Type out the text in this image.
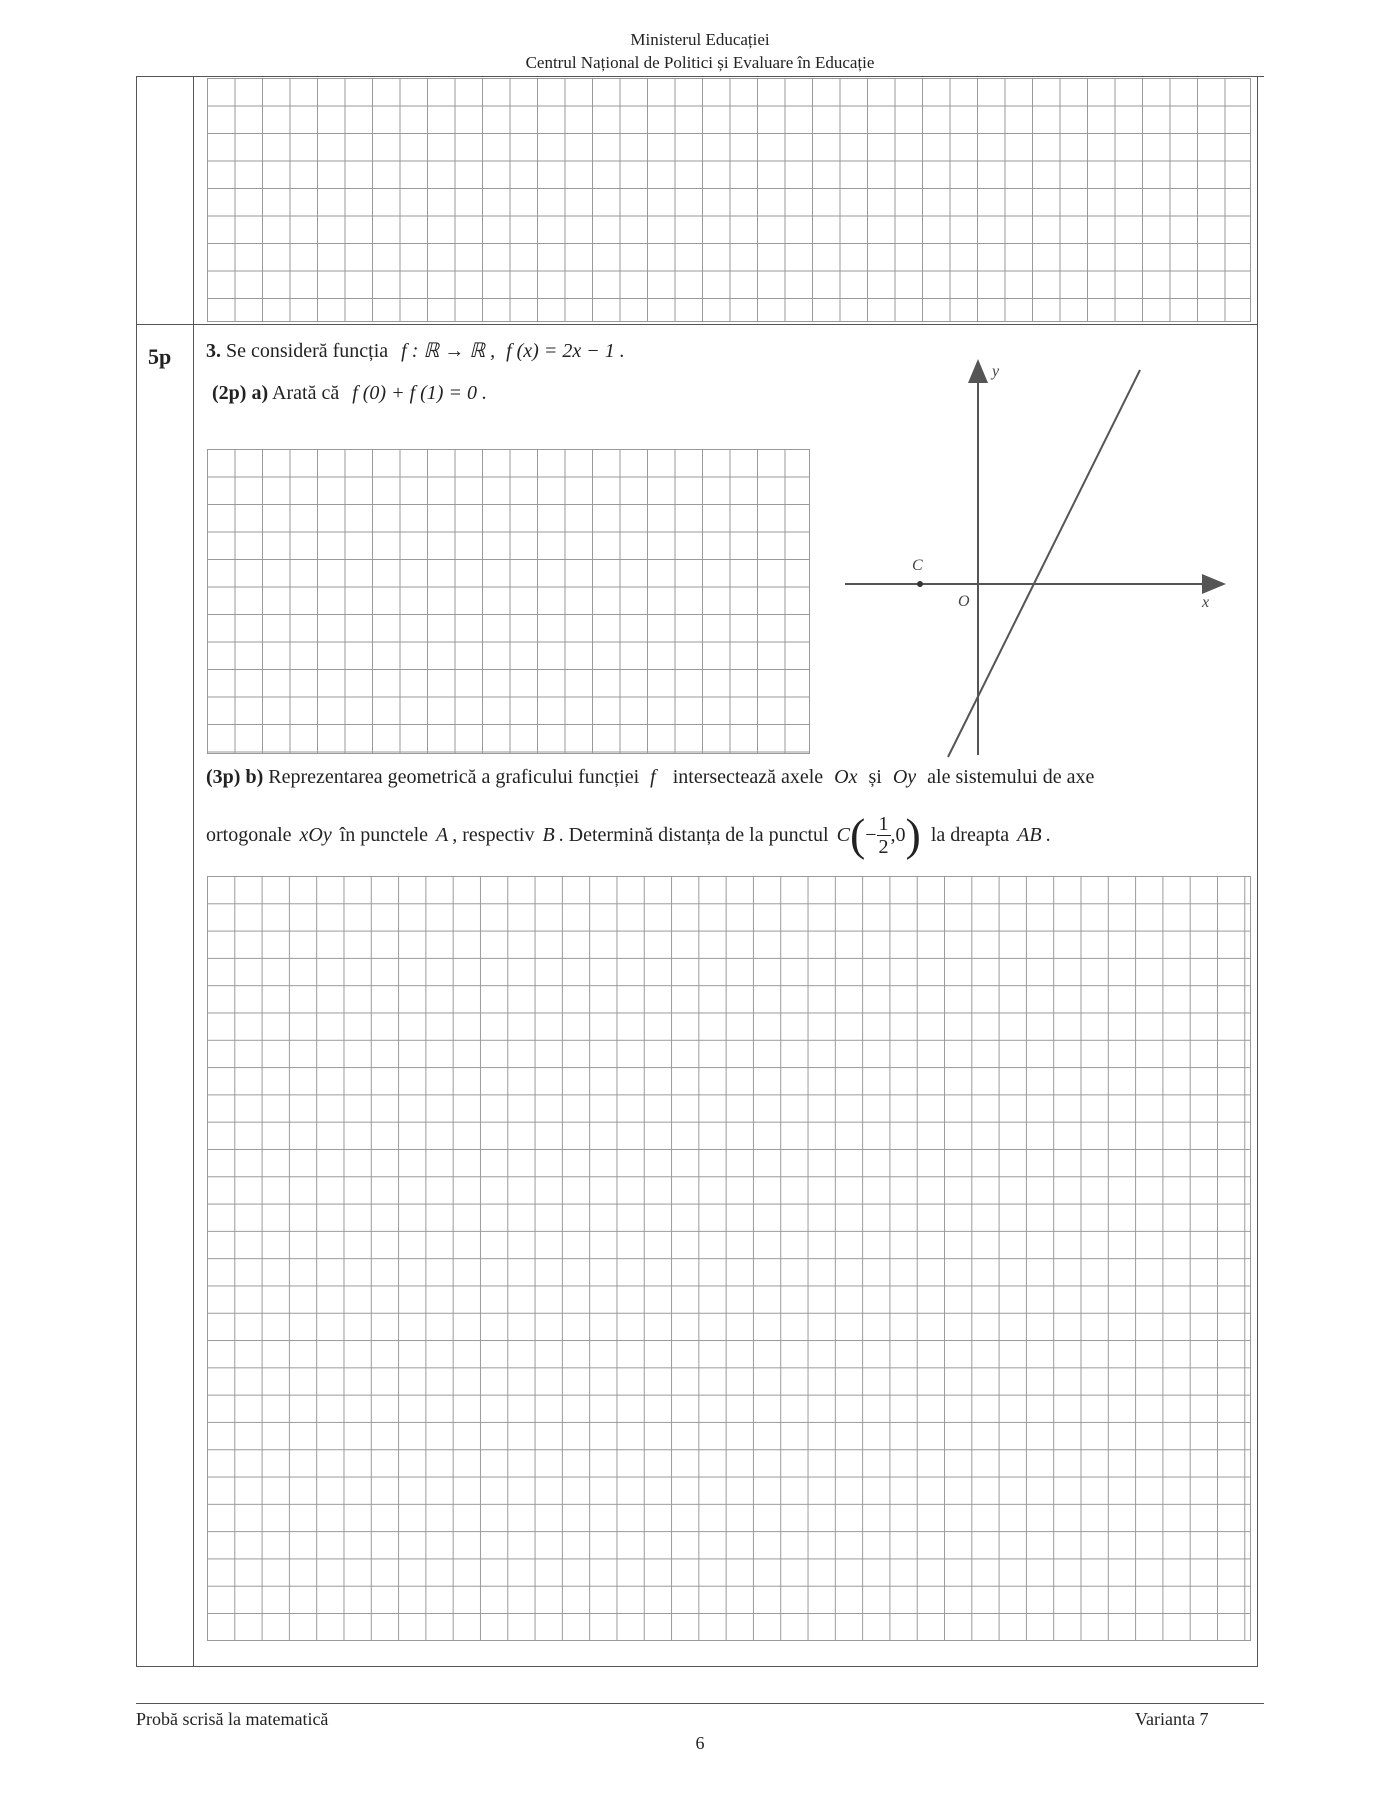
Ministerul Educației
Centrul Național de Politici și Evaluare în Educație
5p 3. Se consideră funcția f : ℝ → ℝ , f (x) = 2x − 1 .
(2p) a) Arată că f (0) + f (1) = 0 .
y
x
O
C
(3p) b) Reprezentarea geometrică a graficului funcției f intersectează axele Ox și Oy ale sistemului de axe
ortogonale xOy în punctele A , respectiv B . Determină distanța de la punctul C ( − $\frac{1}{2} ,0$ ) la dreapta AB .
Probă scrisă la matematică	Varianta 7
6
